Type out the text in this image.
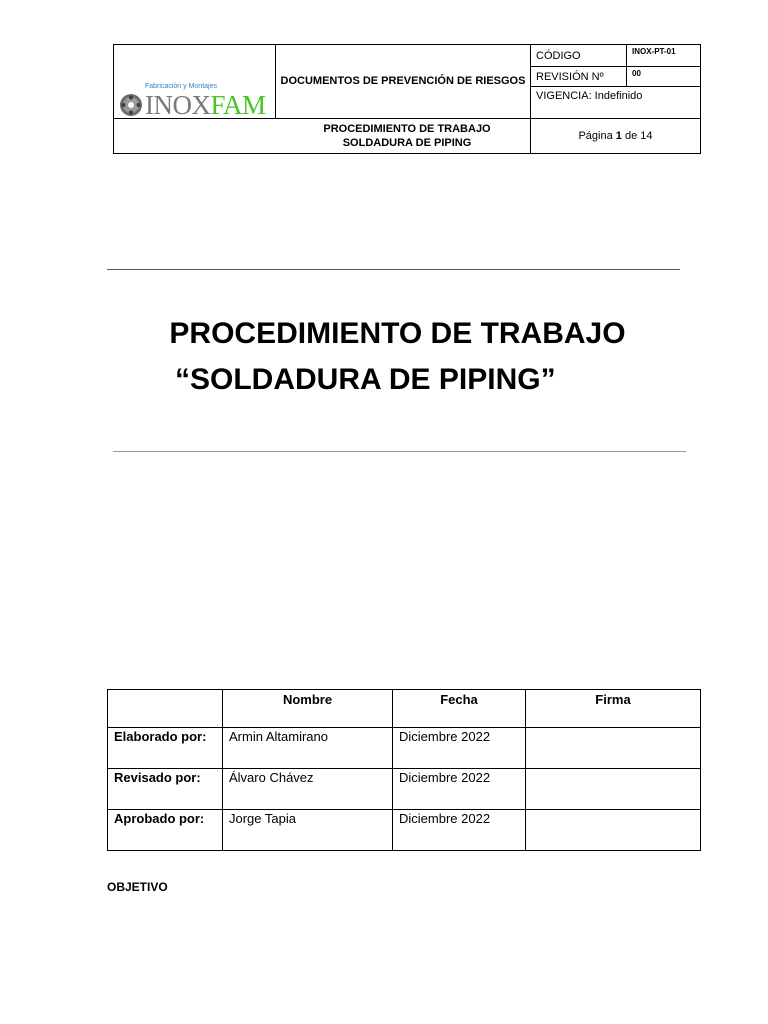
Fabricación y Montajes
INOXFAM	DOCUMENTOS DE PREVENCIÓN DE RIESGOS	CÓDIGO	INOX-PT-01
		REVISIÓN Nº	00
		VIGENCIA: Indefinido	
PROCEDIMIENTO DE TRABAJO
SOLDADURA DE PIPING		Página 1 de 14	
PROCEDIMIENTO DE TRABAJO
“SOLDADURA DE PIPING”
	Nombre	Fecha	Firma
Elaborado por:	Armin Altamirano	Diciembre 2022	
Revisado por:	Álvaro Chávez	Diciembre 2022	
Aprobado por:	Jorge Tapia	Diciembre 2022	
OBJETIVO
